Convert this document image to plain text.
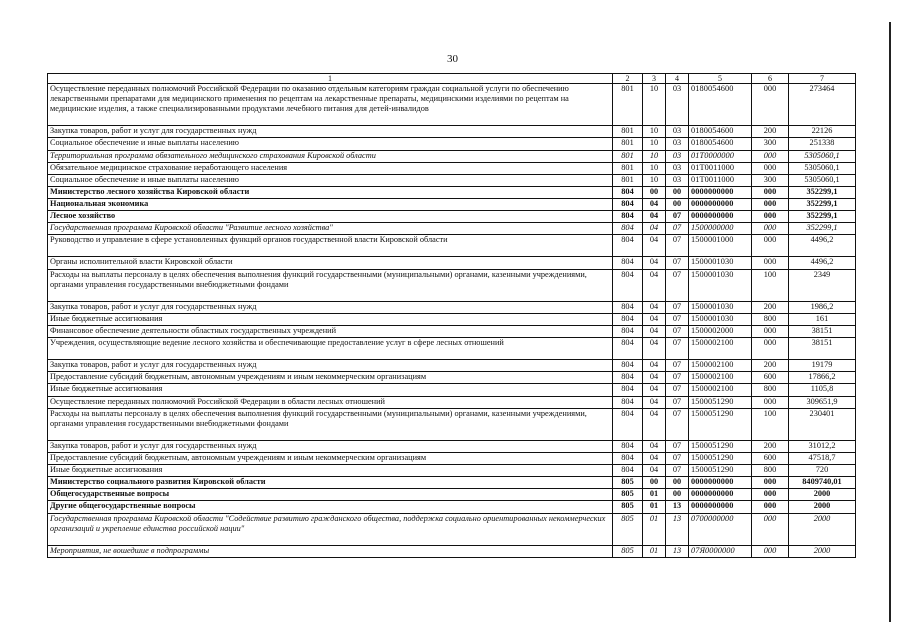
30
1	2	3	4	5	6	7
Осуществление переданных полномочий Российской Федерации по оказанию отдельным категориям граждан социальной услуги по обеспечению лекарственными препаратами для медицинского применения по рецептам на лекарственные препараты, медицинскими изделиями по рецептам на медицинские изделия, а также специализированными продуктами лечебного питания для детей-инвалидов	801	10	03	0180054600	000	273464
Закупка товаров, работ и услуг для государственных нужд	801	10	03	0180054600	200	22126
Социальное обеспечение и иные выплаты населению	801	10	03	0180054600	300	251338
Территориальная программа обязательного медицинского страхования Кировской области	801	10	03	01T0000000	000	5305060,1
Обязательное медицинское страхование неработающего населения	801	10	03	01T0011000	000	5305060,1
Социальное обеспечение и иные выплаты населению	801	10	03	01T0011000	300	5305060,1
Министерство лесного хозяйства Кировской области	804	00	00	0000000000	000	352299,1
Национальная экономика	804	04	00	0000000000	000	352299,1
Лесное хозяйство	804	04	07	0000000000	000	352299,1
Государственная программа Кировской области "Развитие лесного хозяйства"	804	04	07	1500000000	000	352299,1
Руководство и управление в сфере установленных функций органов государственной власти Кировской области	804	04	07	1500001000	000	4496,2
Органы исполнительной власти Кировской области	804	04	07	1500001030	000	4496,2
Расходы на выплаты персоналу в целях обеспечения выполнения функций государственными (муниципальными) органами, казенными учреждениями, органами управления государственными внебюджетными фондами	804	04	07	1500001030	100	2349
Закупка товаров, работ и услуг для государственных нужд	804	04	07	1500001030	200	1986,2
Иные бюджетные ассигнования	804	04	07	1500001030	800	161
Финансовое обеспечение деятельности областных государственных учреждений	804	04	07	1500002000	000	38151
Учреждения, осуществляющие ведение лесного хозяйства и обеспечивающие предоставление услуг в сфере лесных отношений	804	04	07	1500002100	000	38151
Закупка товаров, работ и услуг для государственных нужд	804	04	07	1500002100	200	19179
Предоставление субсидий бюджетным, автономным учреждениям и иным некоммерческим организациям	804	04	07	1500002100	600	17866,2
Иные бюджетные ассигнования	804	04	07	1500002100	800	1105,8
Осуществление переданных полномочий Российской Федерации в области лесных отношений	804	04	07	1500051290	000	309651,9
Расходы на выплаты персоналу в целях обеспечения выполнения функций государственными (муниципальными) органами, казенными учреждениями, органами управления государственными внебюджетными фондами	804	04	07	1500051290	100	230401
Закупка товаров, работ и услуг для государственных нужд	804	04	07	1500051290	200	31012,2
Предоставление субсидий бюджетным, автономным учреждениям и иным некоммерческим организациям	804	04	07	1500051290	600	47518,7
Иные бюджетные ассигнования	804	04	07	1500051290	800	720
Министерство социального развития Кировской области	805	00	00	0000000000	000	8409740,01
Общегосударственные вопросы	805	01	00	0000000000	000	2000
Другие общегосударственные вопросы	805	01	13	0000000000	000	2000
Государственная программа Кировской области "Содействие развитию гражданского общества, поддержка социально ориентированных некоммерческих организаций и укрепление единства российской нации"	805	01	13	0700000000	000	2000
Мероприятия, не вошедшие в подпрограммы	805	01	13	07Я0000000	000	2000
